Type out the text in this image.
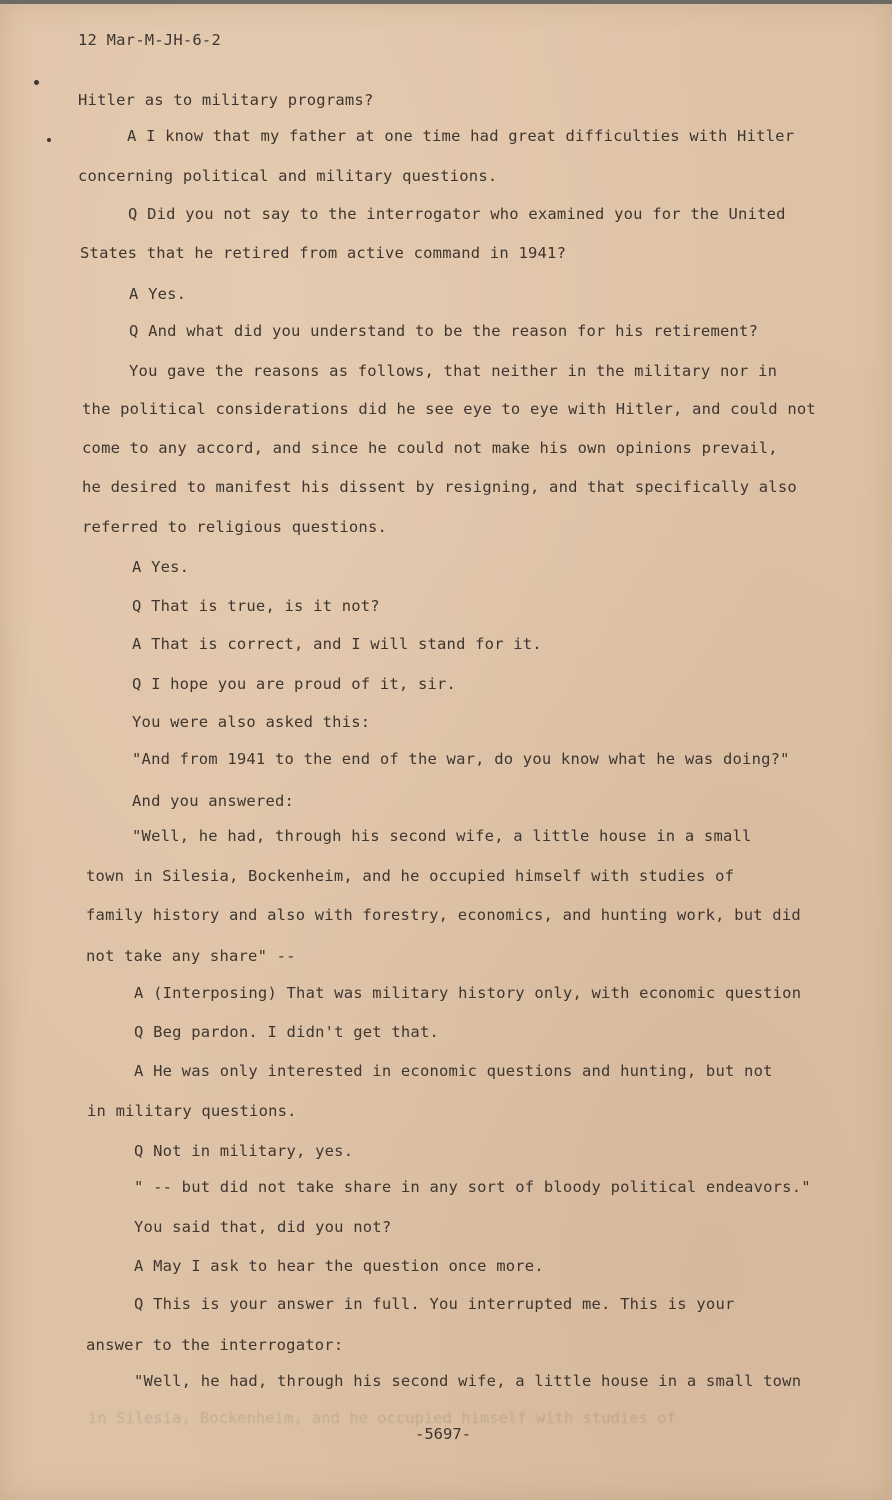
12 Mar-M-JH-6-2
Hitler as to military programs?
A I know that my father at one time had great difficulties with Hitler
concerning political and military questions.
Q Did you not say to the interrogator who examined you for the United
States that he retired from active command in 1941?
A Yes.
Q And what did you understand to be the reason for his retirement?
You gave the reasons as follows, that neither in the military nor in
the political considerations did he see eye to eye with Hitler, and could not
come to any accord, and since he could not make his own opinions prevail,
he desired to manifest his dissent by resigning, and that specifically also
referred to religious questions.
A Yes.
Q That is true, is it not?
A That is correct, and I will stand for it.
Q I hope you are proud of it, sir.
You were also asked this:
"And from 1941 to the end of the war, do you know what he was doing?"
And you answered:
"Well, he had, through his second wife, a little house in a small
town in Silesia, Bockenheim, and he occupied himself with studies of
family history and also with forestry, economics, and hunting work, but did
not take any share" --
A (Interposing) That was military history only, with economic question
Q Beg pardon. I didn't get that.
A He was only interested in economic questions and hunting, but not
in military questions.
Q Not in military, yes.
" -- but did not take share in any sort of bloody political endeavors."
You said that, did you not?
A May I ask to hear the question once more.
Q This is your answer in full. You interrupted me. This is your
answer to the interrogator:
"Well, he had, through his second wife, a little house in a small town
in Silesia, Bockenheim, and he occupied himself with studies of
-5697-
